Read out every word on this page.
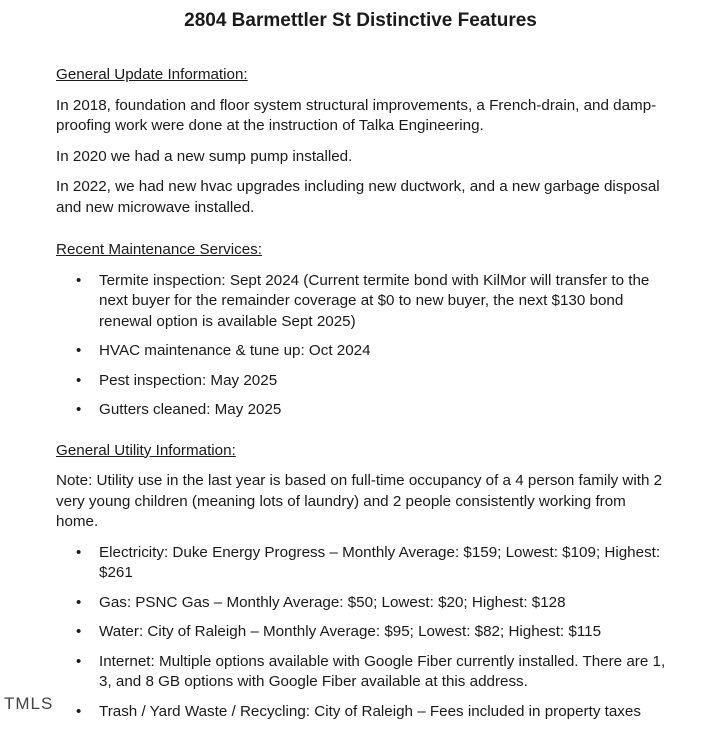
2804 Barmettler St Distinctive Features
General Update Information:

In 2018, foundation and floor system structural improvements, a French-drain, and damp-proofing work were done at the instruction of Talka Engineering.

In 2020 we had a new sump pump installed.

In 2022, we had new hvac upgrades including new ductwork, and a new garbage disposal and new microwave installed.

Recent Maintenance Services:
• Termite inspection: Sept 2024 (Current termite bond with KilMor will transfer to the next buyer for the remainder coverage at $0 to new buyer, the next $130 bond renewal option is available Sept 2025)
• HVAC maintenance & tune up: Oct 2024
• Pest inspection: May 2025
• Gutters cleaned: May 2025
General Utility Information:

Note: Utility use in the last year is based on full-time occupancy of a 4 person family with 2 very young children (meaning lots of laundry) and 2 people consistently working from home.

• Electricity: Duke Energy Progress – Monthly Average: $159; Lowest: $109; Highest: $261
• Gas: PSNC Gas – Monthly Average: $50; Lowest: $20; Highest: $128
• Water: City of Raleigh – Monthly Average: $95; Lowest: $82; Highest: $115
• Internet: Multiple options available with Google Fiber currently installed. There are 1, 3, and 8 GB options with Google Fiber available at this address.
• Trash / Yard Waste / Recycling: City of Raleigh – Fees included in property taxes
TMLS
